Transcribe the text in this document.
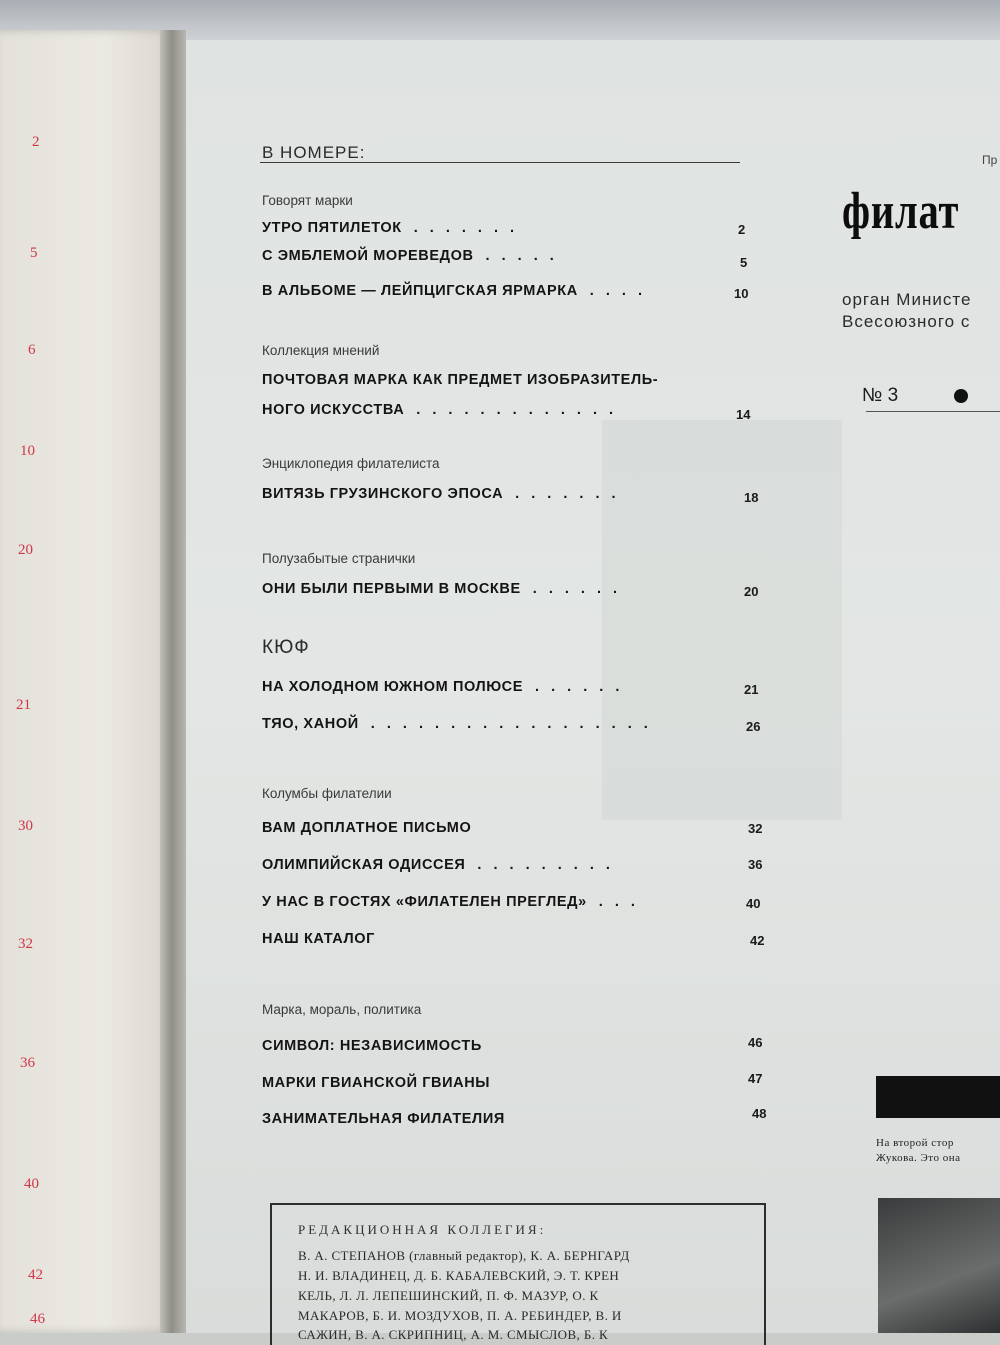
2
5
6
10
20
21
30
32
36
40
42
46
В НОМЕРЕ:
Говорят марки
УТРО ПЯТИЛЕТОК . . . . . . .	2
С ЭМБЛЕМОЙ МОРЕВЕДОВ . . . . .	5
В АЛЬБОМЕ — ЛЕЙПЦИГСКАЯ ЯРМАРКА . . . .	10
Коллекция мнений
ПОЧТОВАЯ МАРКА КАК ПРЕДМЕТ ИЗОБРАЗИТЕЛЬ-
НОГО ИСКУССТВА . . . . . . . . . . . . .	14
Энциклопедия филателиста
ВИТЯЗЬ ГРУЗИНСКОГО ЭПОСА . . . . . . .	18
Полузабытые странички
ОНИ БЫЛИ ПЕРВЫМИ В МОСКВЕ . . . . . .	20
КЮФ
НА ХОЛОДНОМ ЮЖНОМ ПОЛЮСЕ . . . . . .	21
ТЯО, ХАНОЙ . . . . . . . . . . . . . . . . . .	26
Колумбы филателии
ВАМ ДОПЛАТНОЕ ПИСЬМО	32
ОЛИМПИЙСКАЯ ОДИССЕЯ . . . . . . . . .	36
У НАС В ГОСТЯХ «ФИЛАТЕЛЕН ПРЕГЛЕД» . . .	40
НАШ КАТАЛОГ	42
Марка, мораль, политика
СИМВОЛ: НЕЗАВИСИМОСТЬ	46
МАРКИ ГВИАНСКОЙ ГВИАНЫ	47
ЗАНИМАТЕЛЬНАЯ ФИЛАТЕЛИЯ	48
РЕДАКЦИОННАЯ КОЛЛЕГИЯ:
В. А. СТЕПАНОВ (главный редактор), К. А. БЕРНГАРД
Н. И. ВЛАДИНЕЦ, Д. Б. КАБАЛЕВСКИЙ, Э. Т. КРЕН
КЕЛЬ, Л. Л. ЛЕПЕШИНСКИЙ, П. Ф. МАЗУР, О. К
МАКАРОВ, Б. И. МОЗДУХОВ, П. А. РЕБИНДЕР, В. И
САЖИН, В. А. СКРИПНИЦ, А. М. СМЫСЛОВ, Б. К
Пр
филат
орган Министе
Всесоюзного с
№ 3
На второй стор
Жукова. Это она
